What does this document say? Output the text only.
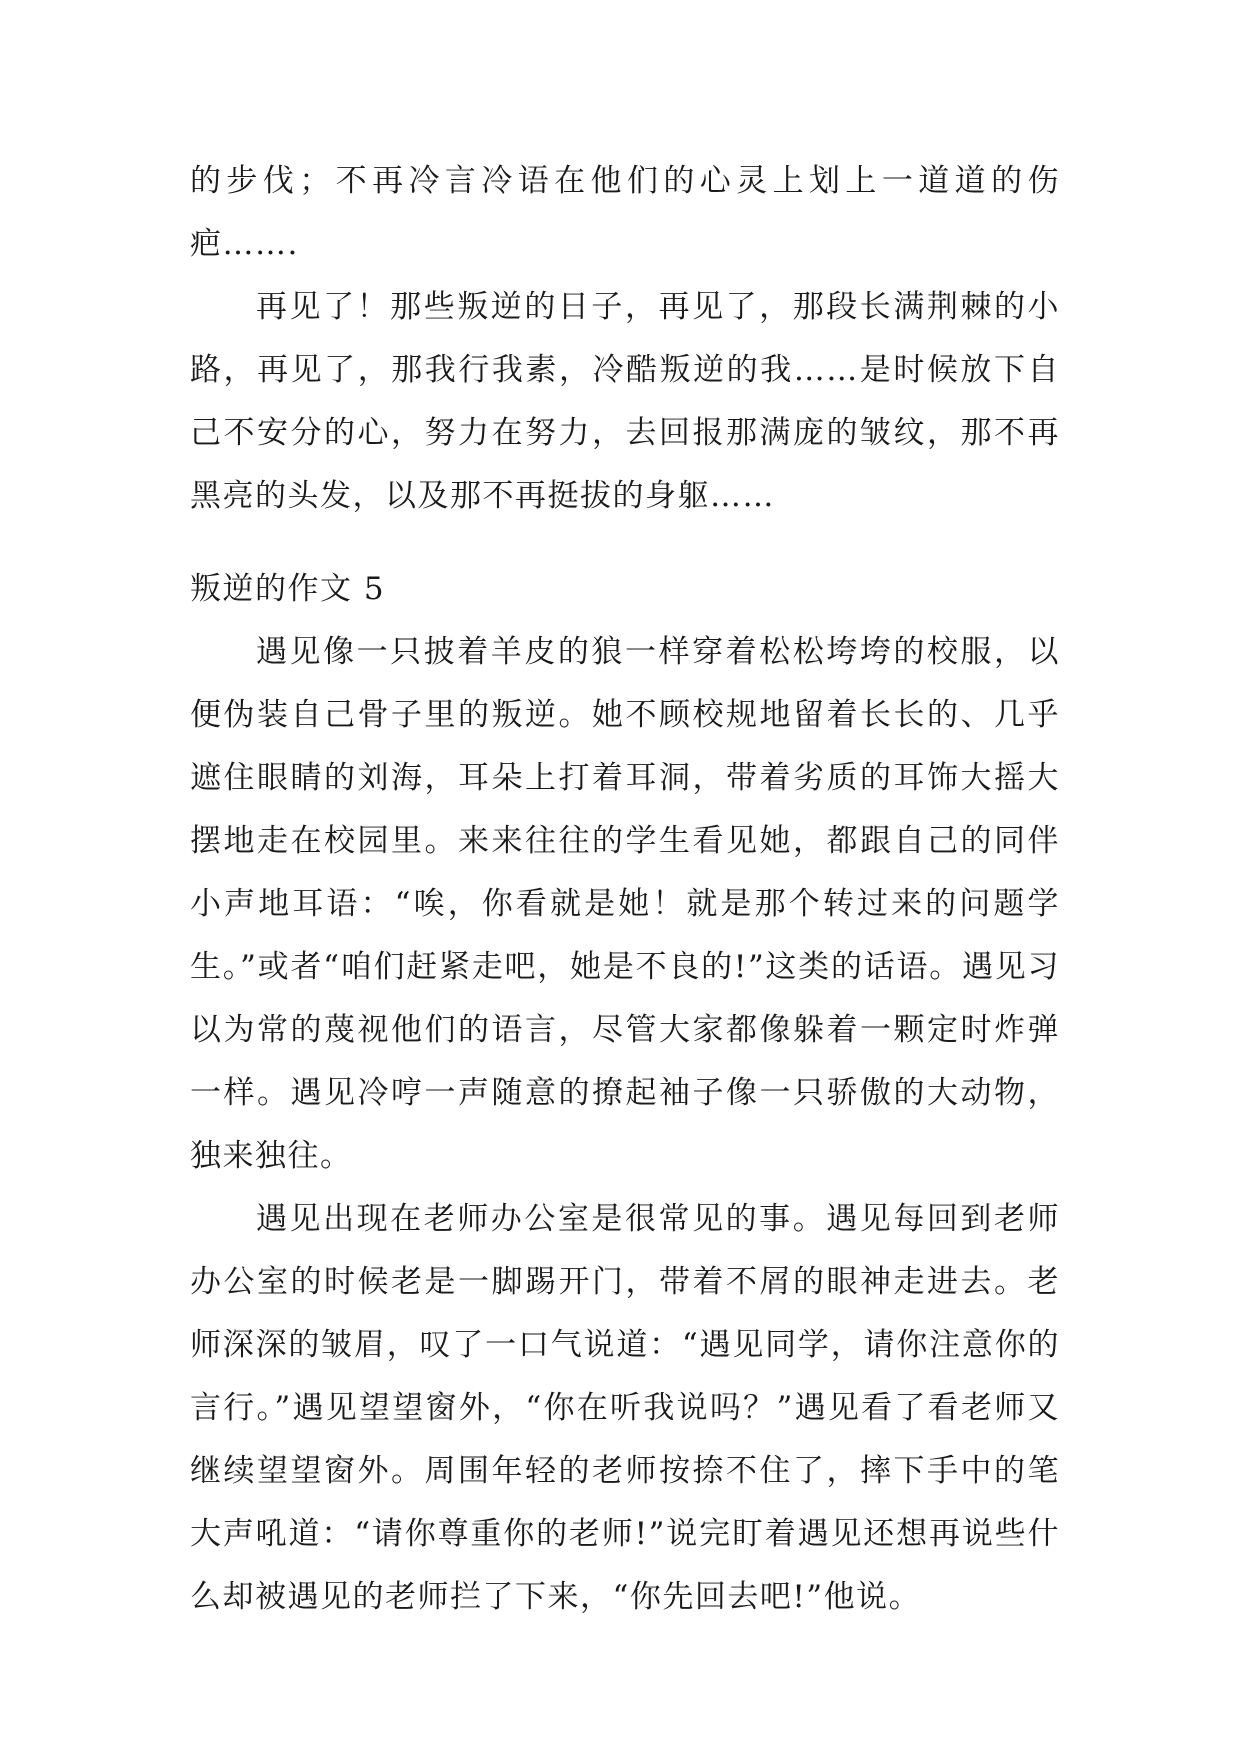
的步伐；不再冷言冷语在他们的心灵上划上一道道的伤疤…….

再见了！那些叛逆的日子，再见了，那段长满荆棘的小路，再见了，那我行我素，冷酷叛逆的我……是时候放下自己不安分的心，努力在努力，去回报那满庞的皱纹，那不再黑亮的头发，以及那不再挺拔的身躯……

叛逆的作文 5

遇见像一只披着羊皮的狼一样穿着松松垮垮的校服，以便伪装自己骨子里的叛逆。她不顾校规地留着长长的、几乎遮住眼睛的刘海，耳朵上打着耳洞，带着劣质的耳饰大摇大摆地走在校园里。来来往往的学生看见她，都跟自己的同伴小声地耳语：“唉，你看就是她！就是那个转过来的问题学生。”或者“咱们赶紧走吧，她是不良的!”这类的话语。遇见习以为常的蔑视他们的语言，尽管大家都像躲着一颗定时炸弹一样。遇见冷哼一声随意的撩起袖子像一只骄傲的大动物，独来独往。

遇见出现在老师办公室是很常见的事。遇见每回到老师办公室的时候老是一脚踢开门，带着不屑的眼神走进去。老师深深的皱眉，叹了一口气说道：“遇见同学，请你注意你的言行。”遇见望望窗外，“你在听我说吗？”遇见看了看老师又继续望望窗外。周围年轻的老师按捺不住了，摔下手中的笔大声吼道：“请你尊重你的老师!”说完盯着遇见还想再说些什么却被遇见的老师拦了下来，“你先回去吧!”他说。
